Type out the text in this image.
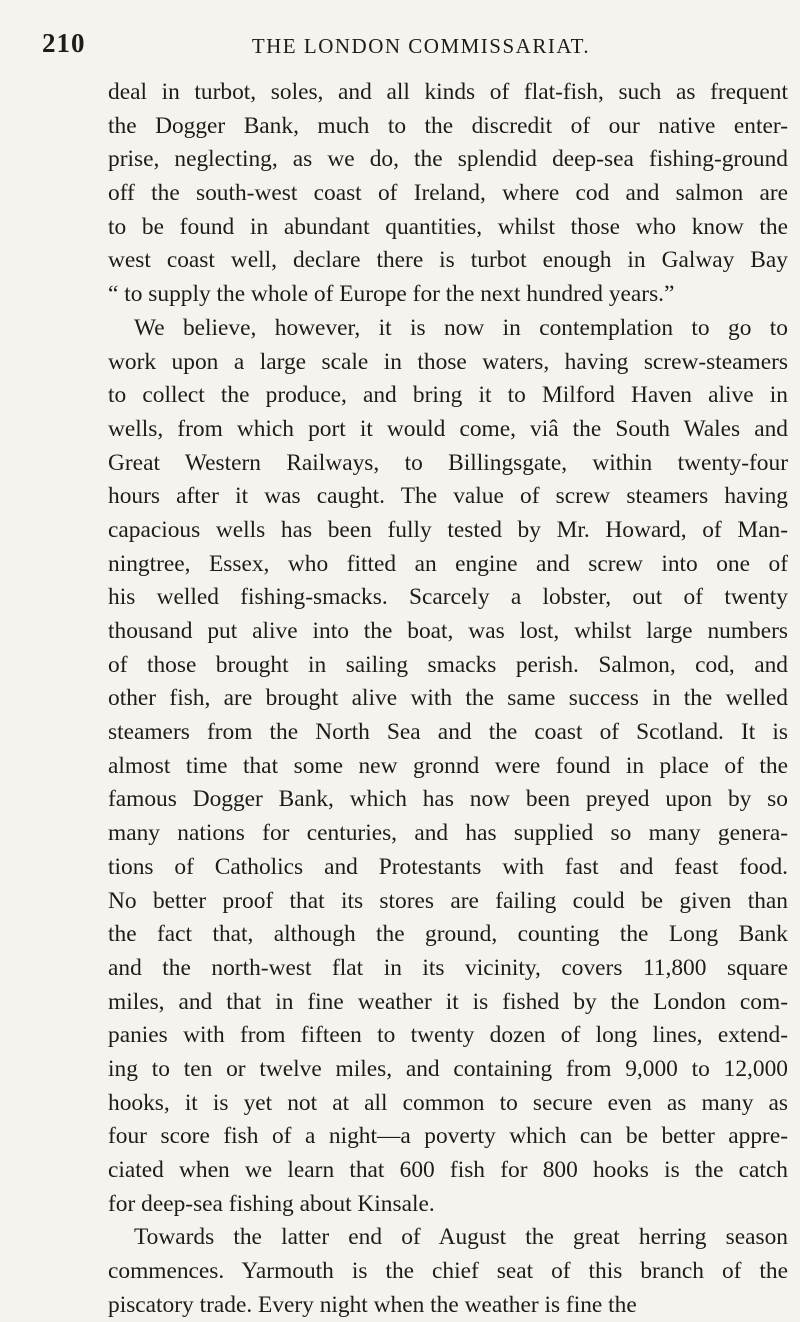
210	THE LONDON COMMISSARIAT.
deal in turbot, soles, and all kinds of flat-fish, such as frequent
the Dogger Bank, much to the discredit of our native enter-
prise, neglecting, as we do, the splendid deep-sea fishing-ground
off the south-west coast of Ireland, where cod and salmon are
to be found in abundant quantities, whilst those who know the
west coast well, declare there is turbot enough in Galway Bay
“ to supply the whole of Europe for the next hundred years.”
We believe, however, it is now in contemplation to go to
work upon a large scale in those waters, having screw-steamers
to collect the produce, and bring it to Milford Haven alive in
wells, from which port it would come, viâ the South Wales and
Great Western Railways, to Billingsgate, within twenty-four
hours after it was caught. The value of screw steamers having
capacious wells has been fully tested by Mr. Howard, of Man-
ningtree, Essex, who fitted an engine and screw into one of
his welled fishing-smacks. Scarcely a lobster, out of twenty
thousand put alive into the boat, was lost, whilst large numbers
of those brought in sailing smacks perish. Salmon, cod, and
other fish, are brought alive with the same success in the welled
steamers from the North Sea and the coast of Scotland. It is
almost time that some new gronnd were found in place of the
famous Dogger Bank, which has now been preyed upon by so
many nations for centuries, and has supplied so many genera-
tions of Catholics and Protestants with fast and feast food.
No better proof that its stores are failing could be given than
the fact that, although the ground, counting the Long Bank
and the north-west flat in its vicinity, covers 11,800 square
miles, and that in fine weather it is fished by the London com-
panies with from fifteen to twenty dozen of long lines, extend-
ing to ten or twelve miles, and containing from 9,000 to 12,000
hooks, it is yet not at all common to secure even as many as
four score fish of a night—a poverty which can be better appre-
ciated when we learn that 600 fish for 800 hooks is the catch
for deep-sea fishing about Kinsale.
Towards the latter end of August the great herring season
commences. Yarmouth is the chief seat of this branch of the
piscatory trade. Every night when the weather is fine the
